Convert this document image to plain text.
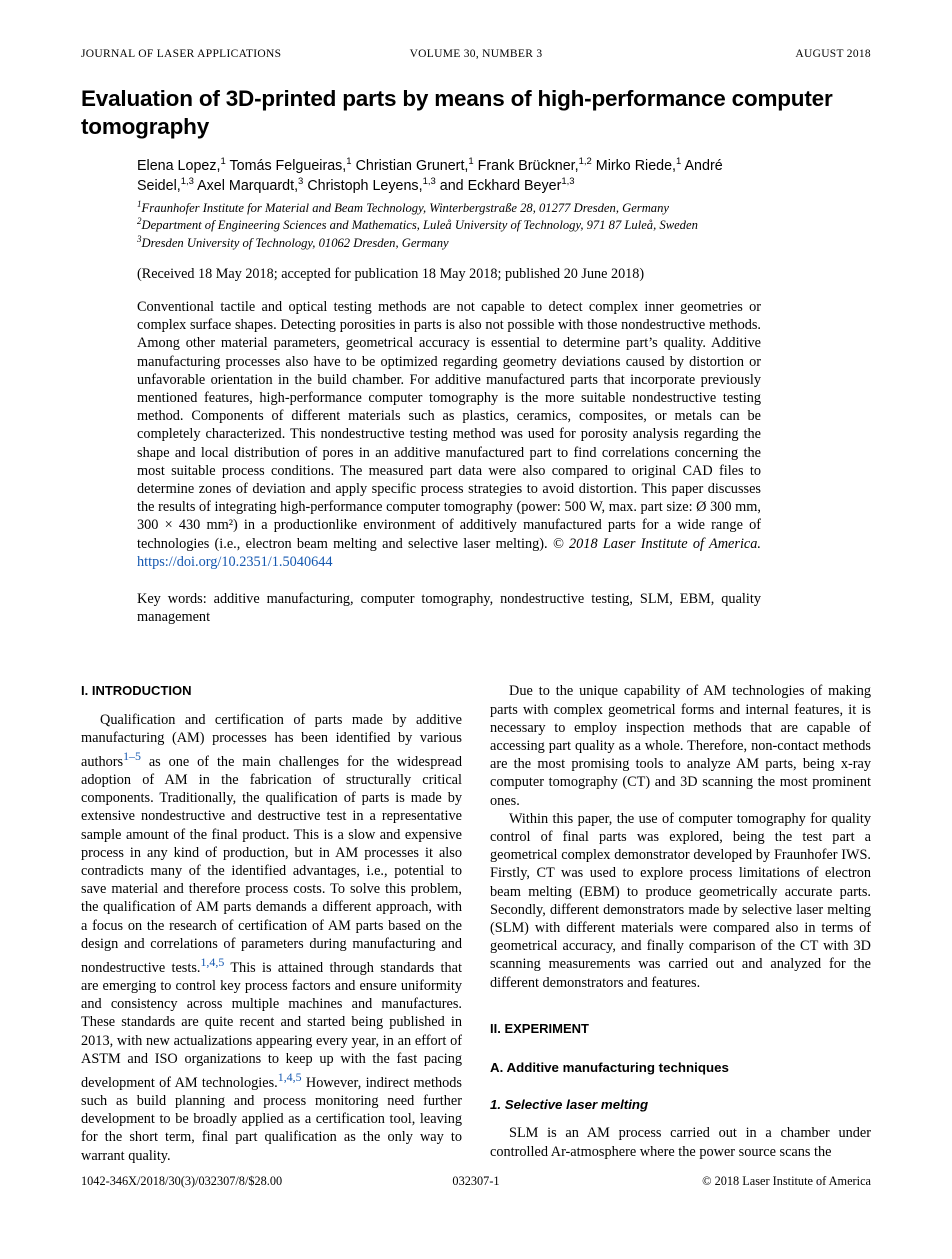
JOURNAL OF LASER APPLICATIONS	VOLUME 30, NUMBER 3	AUGUST 2018
Evaluation of 3D-printed parts by means of high-performance computer tomography
Elena Lopez,$^1$ Tomás Felgueiras,$^1$ Christian Grunert,$^1$ Frank Brückner,$^{1,2}$ Mirko Riede,$^1$ André Seidel,$^{1,3}$ Axel Marquardt,$^3$ Christoph Leyens,$^{1,3}$ and Eckhard Beyer$^{1,3}$
$^1$Fraunhofer Institute for Material and Beam Technology, Winterbergstraße 28, 01277 Dresden, Germany
$^2$Department of Engineering Sciences and Mathematics, Luleå University of Technology, 971 87 Luleå, Sweden
$^3$Dresden University of Technology, 01062 Dresden, Germany
(Received 18 May 2018; accepted for publication 18 May 2018; published 20 June 2018)

Conventional tactile and optical testing methods are not capable to detect complex inner geometries or complex surface shapes. Detecting porosities in parts is also not possible with those nondestructive methods. Among other material parameters, geometrical accuracy is essential to determine part’s quality. Additive manufacturing processes also have to be optimized regarding geometry deviations caused by distortion or unfavorable orientation in the build chamber. For additive manufactured parts that incorporate previously mentioned features, high-performance computer tomography is the more suitable nondestructive testing method. Components of different materials such as plastics, ceramics, composites, or metals can be completely characterized. This nondestructive testing method was used for porosity analysis regarding the shape and local distribution of pores in an additive manufactured part to find correlations concerning the most suitable process conditions. The measured part data were also compared to original CAD files to determine zones of deviation and apply specific process strategies to avoid distortion. This paper discusses the results of integrating high-performance computer tomography (power: 500 W, max. part size: Ø 300 mm, 300 × 430 mm²) in a productionlike environment of additively manufactured parts for a wide range of technologies (i.e., electron beam melting and selective laser melting). © 2018 Laser Institute of America. https://doi.org/10.2351/1.5040644

Key words: additive manufacturing, computer tomography, nondestructive testing, SLM, EBM, quality management

I. INTRODUCTION

Qualification and certification of parts made by additive manufacturing (AM) processes has been identified by various authors$^{1-5}$ as one of the main challenges for the widespread adoption of AM in the fabrication of structurally critical components. Traditionally, the qualification of parts is made by extensive nondestructive and destructive test in a representative sample amount of the final product. This is a slow and expensive process in any kind of production, but in AM processes it also contradicts many of the identified advantages, i.e., potential to save material and therefore process costs. To solve this problem, the qualification of AM parts demands a different approach, with a focus on the research of certification of AM parts based on the design and correlations of parameters during manufacturing and nondestructive tests.$^{1,4,5}$ This is attained through standards that are emerging to control key process factors and ensure uniformity and consistency across multiple machines and manufactures. These standards are quite recent and started being published in 2013, with new actualizations appearing every year, in an effort of ASTM and ISO organizations to keep up with the fast pacing development of AM technologies.$^{1,4,5}$ However, indirect methods such as build planning and process monitoring need further development to be broadly applied as a certification tool, leaving for the short term, final part qualification as the only way to warrant quality.

Due to the unique capability of AM technologies of making parts with complex geometrical forms and internal features, it is necessary to employ inspection methods that are capable of accessing part quality as a whole. Therefore, non-contact methods are the most promising tools to analyze AM parts, being x-ray computer tomography (CT) and 3D scanning the most prominent ones.

Within this paper, the use of computer tomography for quality control of final parts was explored, being the test part a geometrical complex demonstrator developed by Fraunhofer IWS. Firstly, CT was used to explore process limitations of electron beam melting (EBM) to produce geometrically accurate parts. Secondly, different demonstrators made by selective laser melting (SLM) with different materials were compared also in terms of geometrical accuracy, and finally comparison of the CT with 3D scanning measurements was carried out and analyzed for the different demonstrators and features.

II. EXPERIMENT
A. Additive manufacturing techniques
1. Selective laser melting

SLM is an AM process carried out in a chamber under controlled Ar-atmosphere where the power source scans the

1042-346X/2018/30(3)/032307/8/$28.00	032307-1	© 2018 Laser Institute of America
